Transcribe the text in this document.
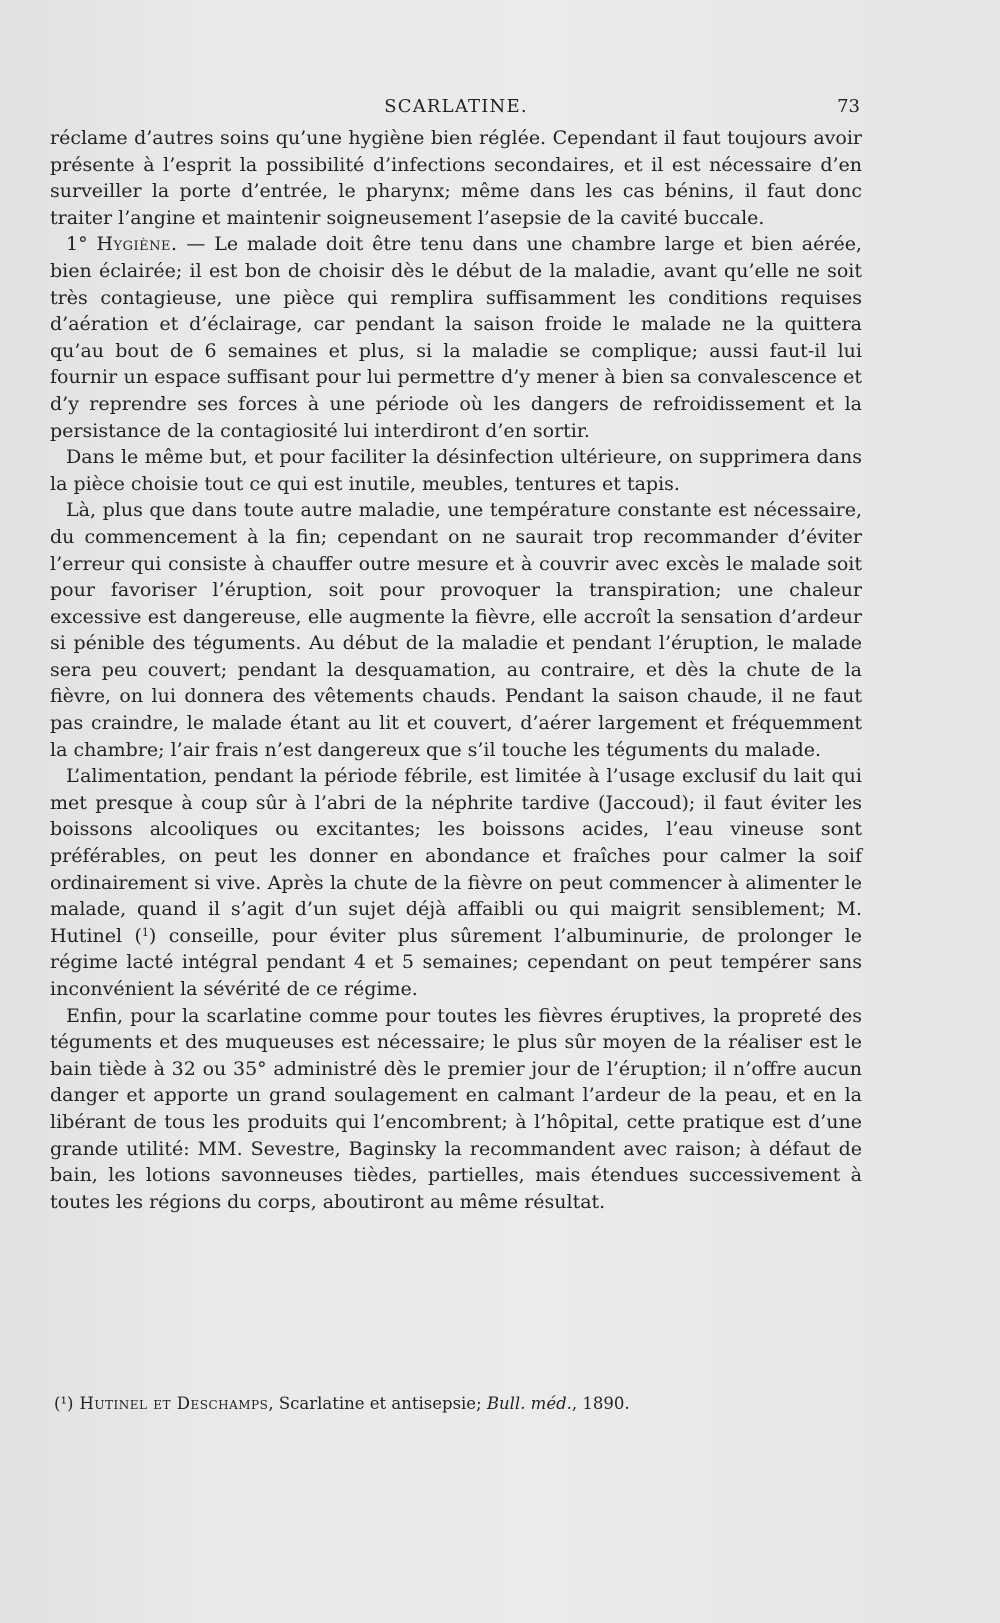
SCARLATINE.	73

réclame d’autres soins qu’une hygiène bien réglée. Cependant il faut toujours avoir présente à l’esprit la possibilité d’infections secondaires, et il est nécessaire d’en surveiller la porte d’entrée, le pharynx; même dans les cas bénins, il faut donc traiter l’angine et maintenir soigneusement l’asepsie de la cavité buccale.

1° Hygiène. — Le malade doit être tenu dans une chambre large et bien aérée, bien éclairée; il est bon de choisir dès le début de la maladie, avant qu’elle ne soit très contagieuse, une pièce qui remplira suffisamment les conditions requises d’aération et d’éclairage, car pendant la saison froide le malade ne la quittera qu’au bout de 6 semaines et plus, si la maladie se complique; aussi faut-il lui fournir un espace suffisant pour lui permettre d’y mener à bien sa convalescence et d’y reprendre ses forces à une période où les dangers de refroidissement et la persistance de la contagiosité lui interdiront d’en sortir.

Dans le même but, et pour faciliter la désinfection ultérieure, on supprimera dans la pièce choisie tout ce qui est inutile, meubles, tentures et tapis.

Là, plus que dans toute autre maladie, une température constante est nécessaire, du commencement à la fin; cependant on ne saurait trop recommander d’éviter l’erreur qui consiste à chauffer outre mesure et à couvrir avec excès le malade soit pour favoriser l’éruption, soit pour provoquer la transpiration; une chaleur excessive est dangereuse, elle augmente la fièvre, elle accroît la sensation d’ardeur si pénible des téguments. Au début de la maladie et pendant l’éruption, le malade sera peu couvert; pendant la desquamation, au contraire, et dès la chute de la fièvre, on lui donnera des vêtements chauds. Pendant la saison chaude, il ne faut pas craindre, le malade étant au lit et couvert, d’aérer largement et fréquemment la chambre; l’air frais n’est dangereux que s’il touche les téguments du malade.

L’alimentation, pendant la période fébrile, est limitée à l’usage exclusif du lait qui met presque à coup sûr à l’abri de la néphrite tardive (Jaccoud); il faut éviter les boissons alcooliques ou excitantes; les boissons acides, l’eau vineuse sont préférables, on peut les donner en abondance et fraîches pour calmer la soif ordinairement si vive. Après la chute de la fièvre on peut commencer à alimenter le malade, quand il s’agit d’un sujet déjà affaibli ou qui maigrit sensiblement; M. Hutinel ($^1$) conseille, pour éviter plus sûrement l’albuminurie, de prolonger le régime lacté intégral pendant 4 et 5 semaines; cependant on peut tempérer sans inconvénient la sévérité de ce régime.

Enfin, pour la scarlatine comme pour toutes les fièvres éruptives, la propreté des téguments et des muqueuses est nécessaire; le plus sûr moyen de la réaliser est le bain tiède à 32 ou 35° administré dès le premier jour de l’éruption; il n’offre aucun danger et apporte un grand soulagement en calmant l’ardeur de la peau, et en la libérant de tous les produits qui l’encombrent; à l’hôpital, cette pratique est d’une grande utilité: MM. Sevestre, Baginsky la recommandent avec raison; à défaut de bain, les lotions savonneuses tièdes, partielles, mais étendues successivement à toutes les régions du corps, aboutiront au même résultat.

(¹) Hutinel et Deschamps, Scarlatine et antisepsie; Bull. méd., 1890.
